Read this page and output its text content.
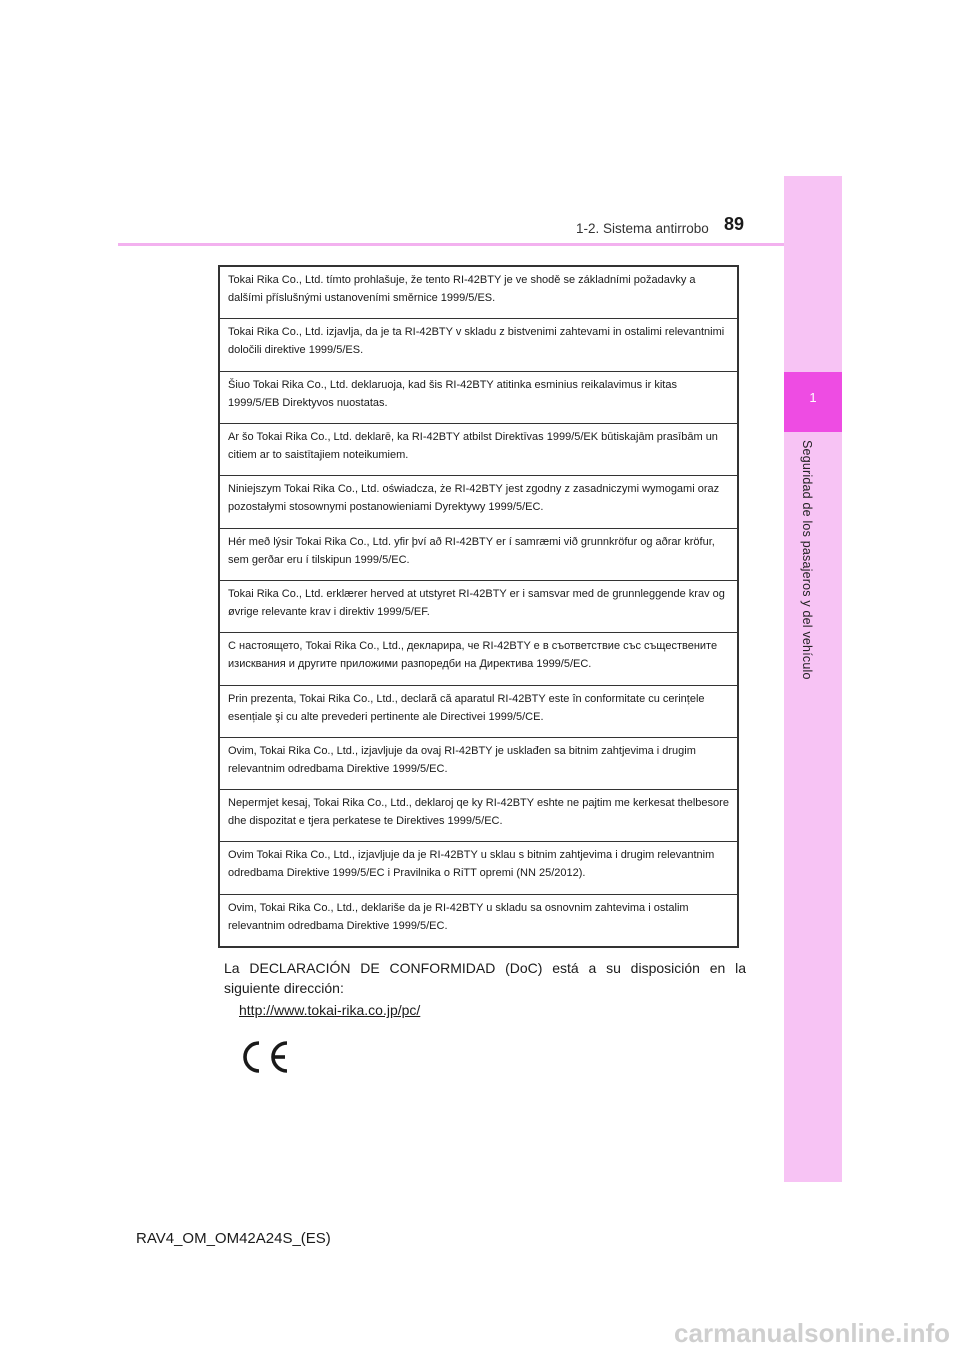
1
Seguridad de los pasajeros y del vehículo
1-2. Sistema antirrobo 89
Tokai Rika Co., Ltd. tímto prohlašuje, že tento RI-42BTY je ve shodě se základními požadavky a dalšími příslušnými ustanoveními směrnice 1999/5/ES.
Tokai Rika Co., Ltd. izjavlja, da je ta RI-42BTY v skladu z bistvenimi zahtevami in ostalimi relevantnimi določili direktive 1999/5/ES.
Šiuo Tokai Rika Co., Ltd. deklaruoja, kad šis RI-42BTY atitinka esminius reikalavimus ir kitas 1999/5/EB Direktyvos nuostatas.
Ar šo Tokai Rika Co., Ltd. deklarē, ka RI-42BTY atbilst Direktīvas 1999/5/EK būtiskajām prasībām un citiem ar to saistītajiem noteikumiem.
Niniejszym Tokai Rika Co., Ltd. oświadcza, że RI-42BTY jest zgodny z zasadniczymi wymogami oraz pozostałymi stosownymi postanowieniami Dyrektywy 1999/5/EC.
Hér með lýsir Tokai Rika Co., Ltd. yfir því að RI-42BTY er í samræmi við grunnkröfur og aðrar kröfur, sem gerðar eru í tilskipun 1999/5/EC.
Tokai Rika Co., Ltd. erklærer herved at utstyret RI-42BTY er i samsvar med de grunnleggende krav og øvrige relevante krav i direktiv 1999/5/EF.
С настоящето, Tokai Rika Co., Ltd., декларира, че RI-42BTY е в съответствие със съществените изисквания и другите приложими разпоредби на Директива 1999/5/EC.
Prin prezenta, Tokai Rika Co., Ltd., declară că aparatul RI-42BTY este în conformitate cu cerințele esențiale şi cu alte prevederi pertinente ale Directivei 1999/5/CE.
Ovim, Tokai Rika Co., Ltd., izjavljuje da ovaj RI-42BTY je usklađen sa bitnim zahtjevima i drugim relevantnim odredbama Direktive 1999/5/EC.
Nepermjet kesaj, Tokai Rika Co., Ltd., deklaroj qe ky RI-42BTY eshte ne pajtim me kerkesat thelbesore dhe dispozitat e tjera perkatese te Direktives 1999/5/EC.
Ovim Tokai Rika Co., Ltd., izjavljuje da je RI-42BTY u sklau s bitnim zahtjevima i drugim relevantnim odredbama Direktive 1999/5/EC i Pravilnika o RiTT opremi (NN 25/2012).
Ovim, Tokai Rika Co., Ltd., deklariše da je RI-42BTY u skladu sa osnovnim zahtevima i ostalim relevantnim odredbama Direktive 1999/5/EC.
La DECLARACIÓN DE CONFORMIDAD (DoC) está a su disposición en la siguiente dirección:
http://www.tokai-rika.co.jp/pc/
RAV4_OM_OM42A24S_(ES)
carmanualsonline.info
